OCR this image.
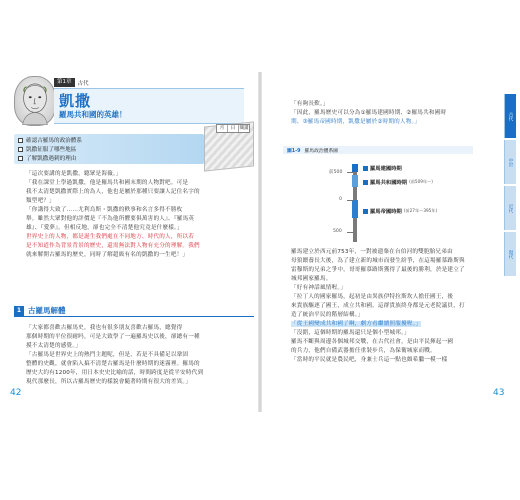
第1章	古代
凱撒
羅馬共和國的英雄！
確認古羅馬的政治體系
凱撒征服了哪些地區
了解凱撒遇刺的理由
月	日 閱讀
「這次要講的是凱撒，聽眾是海薇。」
「我在課堂上學過凱撒，他是羅馬共和國末期的人物對吧。可是
我不太清楚凱撒實際上的為人，他也是屬於那種只要讓人記住名字的
類型吧？」
「你講得大致了……尤利烏斯・凱撒的軼事和名言多得不勝枚
舉。雖然大眾對他的評價是『不為他所懼要俱萬害的人』、『羅馬英
雄』、『愛夢』。但相反地，卻也完全不清楚他究竟是什麼樣。」
世界史上的人物，都是誕生我們處在不同地方、時代的人，所以若
是不知道作為背景背景的歷史，還需無法對人物有充分的理解。我們
就來解開古羅馬的歷史，同時了解超級有名的凱撒的一生吧！」
1 古羅馬解體
「大家都喜歡古羅馬史，我也有很多朋友喜歡古羅馬，總覺得
那個時期的平位很耐吗，可是大致學了一遍羅馬史以後，卻總有一種
摸不太清楚的感覺。」
「古羅馬是世界史上的熱門主題呢，但是，若是不具備足以鞏固
整體的史觀，就會陷入搞不清楚古羅馬是什麼時期的迷霧裡。羅馬的
歷史大約有1200年，用日本史史比喻的話，時間跨度是從平安時代到
現代那麼長，所以古羅馬歷史的樣貌會隨著時期有很大的差異。」
42
「有夠長歎。」
「因此，羅馬歷史可以分為①羅馬建國時期、②羅馬共和國時
期、③羅馬帝國時期，凱撒是屬於②時期的人物。」
圖1-9 羅馬政治體系圖
羅馬建國時期
羅馬共和國時期 (前509年～)
羅馬帝國時期 (前27年～395年)
前500
0
500
羅馬建立於西元前753年，一對被遺棄在台伯河的雙胞胎兄弟由
母狼餵養長大後，為了建立新的城市而發生紛爭，在這場羅慕路斯與
雷穆斯的兄弟之爭中，哥哥羅慕路斯獲得了最後的勝利，於是建立了
城邦國家羅馬。
「好有神話風情喔。」
「拉丁人的國家羅馬，起初是由異族伊特拉斯坎人擔任國王，後
來貴族驅逐了國王，成立共和國，這群貴族終身都是元老院議員，打
造了統治平民的階層結構。」
「從王國變成共和國了啊，劇方看繼續照服擾喔。」
「沒錯，這個時期的羅馬還只是個小型城邦。」
羅馬不斷與周邊各個城邦交戰，在古代社會，是由平民揮起一國
的兵力，他們自備武器擔任重裝步兵，為保衛城家而戰。
「當時的平民就是農民吧，身兼士兵這一點也頗希臘一模一樣
古代
中世
近代
現代
43
